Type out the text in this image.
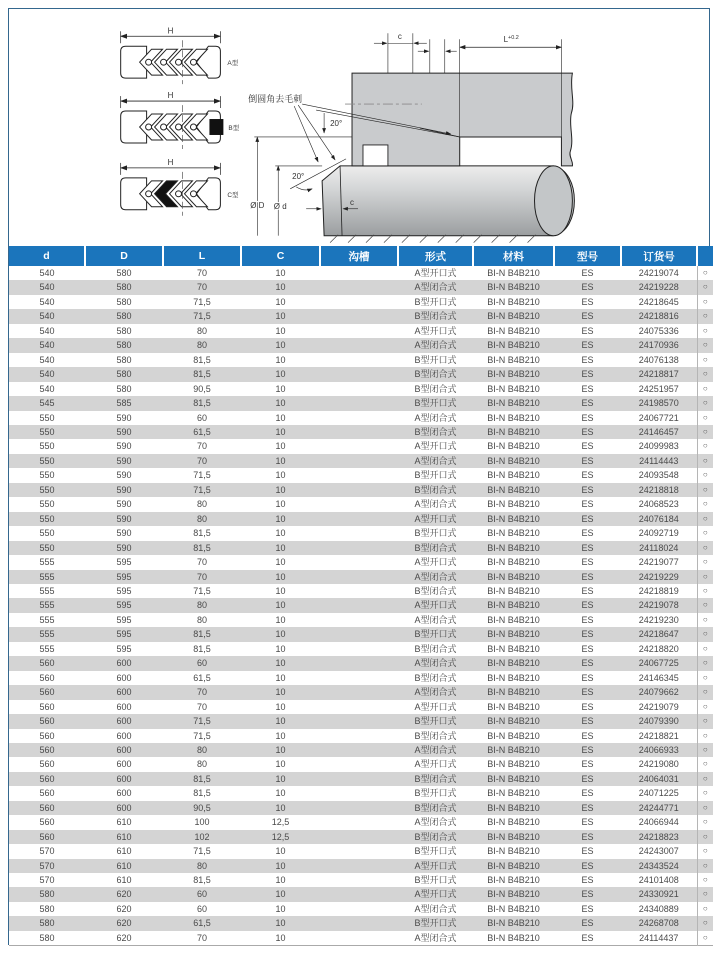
H
A型
H
B型
H
C型
倒圆角去毛刺
20°
20°
Ø D Ø d	c
c	$L^{+0.2}$
d	D	L	C	沟槽	形式	材料	型号	订货号	
540	580	70	10		A型开口式	BI-N B4B210	ES	24219074	○
540	580	70	10		A型闭合式	BI-N B4B210	ES	24219228	○
540	580	71,5	10		B型开口式	BI-N B4B210	ES	24218645	○
540	580	71,5	10		B型闭合式	BI-N B4B210	ES	24218816	○
540	580	80	10		A型开口式	BI-N B4B210	ES	24075336	○
540	580	80	10		A型闭合式	BI-N B4B210	ES	24170936	○
540	580	81,5	10		B型开口式	BI-N B4B210	ES	24076138	○
540	580	81,5	10		B型闭合式	BI-N B4B210	ES	24218817	○
540	580	90,5	10		B型闭合式	BI-N B4B210	ES	24251957	○
545	585	81,5	10		B型开口式	BI-N B4B210	ES	24198570	○
550	590	60	10		A型闭合式	BI-N B4B210	ES	24067721	○
550	590	61,5	10		B型闭合式	BI-N B4B210	ES	24146457	○
550	590	70	10		A型开口式	BI-N B4B210	ES	24099983	○
550	590	70	10		A型闭合式	BI-N B4B210	ES	24114443	○
550	590	71,5	10		B型开口式	BI-N B4B210	ES	24093548	○
550	590	71,5	10		B型闭合式	BI-N B4B210	ES	24218818	○
550	590	80	10		A型闭合式	BI-N B4B210	ES	24068523	○
550	590	80	10		A型开口式	BI-N B4B210	ES	24076184	○
550	590	81,5	10		B型开口式	BI-N B4B210	ES	24092719	○
550	590	81,5	10		B型闭合式	BI-N B4B210	ES	24118024	○
555	595	70	10		A型开口式	BI-N B4B210	ES	24219077	○
555	595	70	10		A型闭合式	BI-N B4B210	ES	24219229	○
555	595	71,5	10		B型闭合式	BI-N B4B210	ES	24218819	○
555	595	80	10		A型开口式	BI-N B4B210	ES	24219078	○
555	595	80	10		A型闭合式	BI-N B4B210	ES	24219230	○
555	595	81,5	10		B型开口式	BI-N B4B210	ES	24218647	○
555	595	81,5	10		B型闭合式	BI-N B4B210	ES	24218820	○
560	600	60	10		A型闭合式	BI-N B4B210	ES	24067725	○
560	600	61,5	10		B型闭合式	BI-N B4B210	ES	24146345	○
560	600	70	10		A型闭合式	BI-N B4B210	ES	24079662	○
560	600	70	10		A型开口式	BI-N B4B210	ES	24219079	○
560	600	71,5	10		B型开口式	BI-N B4B210	ES	24079390	○
560	600	71,5	10		B型闭合式	BI-N B4B210	ES	24218821	○
560	600	80	10		A型闭合式	BI-N B4B210	ES	24066933	○
560	600	80	10		A型开口式	BI-N B4B210	ES	24219080	○
560	600	81,5	10		B型闭合式	BI-N B4B210	ES	24064031	○
560	600	81,5	10		B型开口式	BI-N B4B210	ES	24071225	○
560	600	90,5	10		B型闭合式	BI-N B4B210	ES	24244771	○
560	610	100	12,5		A型闭合式	BI-N B4B210	ES	24066944	○
560	610	102	12,5		B型闭合式	BI-N B4B210	ES	24218823	○
570	610	71,5	10		B型开口式	BI-N B4B210	ES	24243007	○
570	610	80	10		A型开口式	BI-N B4B210	ES	24343524	○
570	610	81,5	10		B型开口式	BI-N B4B210	ES	24101408	○
580	620	60	10		A型开口式	BI-N B4B210	ES	24330921	○
580	620	60	10		A型闭合式	BI-N B4B210	ES	24340889	○
580	620	61,5	10		B型开口式	BI-N B4B210	ES	24268708	○
580	620	70	10		A型闭合式	BI-N B4B210	ES	24114437	○
